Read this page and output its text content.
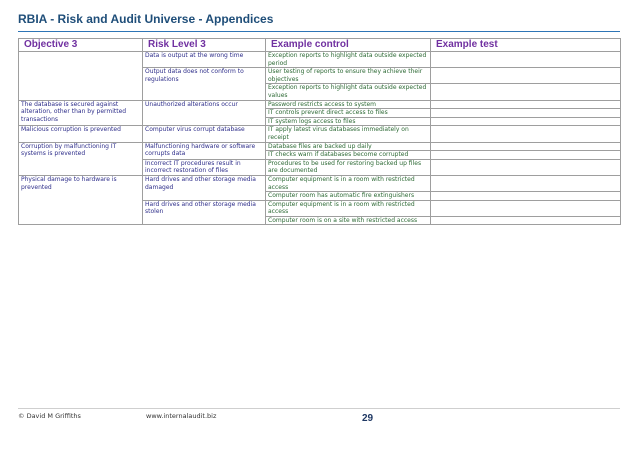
RBIA - Risk and Audit Universe - Appendices
Objective 3	Risk Level 3	Example control	Example test
	Data is output at the wrong time	Exception reports to highlight data outside expected period	
	Output data does not conform to regulations	User testing of reports to ensure they achieve their objectives	
		Exception reports to highlight data outside expected values	
The database is secured against alteration, other than by permitted transactions	Unauthorized alterations occur	Password restricts access to system	
		IT controls prevent direct access to files	
		IT system logs access to files	
Malicious corruption is prevented	Computer virus corrupt database	IT apply latest virus databases immediately on receipt	
Corruption by malfunctioning IT systems is prevented	Malfunctioning hardware or software corrupts data	Database files are backed up daily	
		IT checks warn if databases become corrupted	
	Incorrect IT procedures result in incorrect restoration of files	Procedures to be used for restoring backed up files are documented	
Physical damage to hardware is prevented	Hard drives and other storage media damaged	Computer equipment is in a room with restricted access	
		Computer room has automatic fire extinguishers	
	Hard drives and other storage media stolen	Computer equipment is in a room with restricted access	
		Computer room is on a site with restricted access	
© David M Griffiths	www.internalaudit.biz	29
